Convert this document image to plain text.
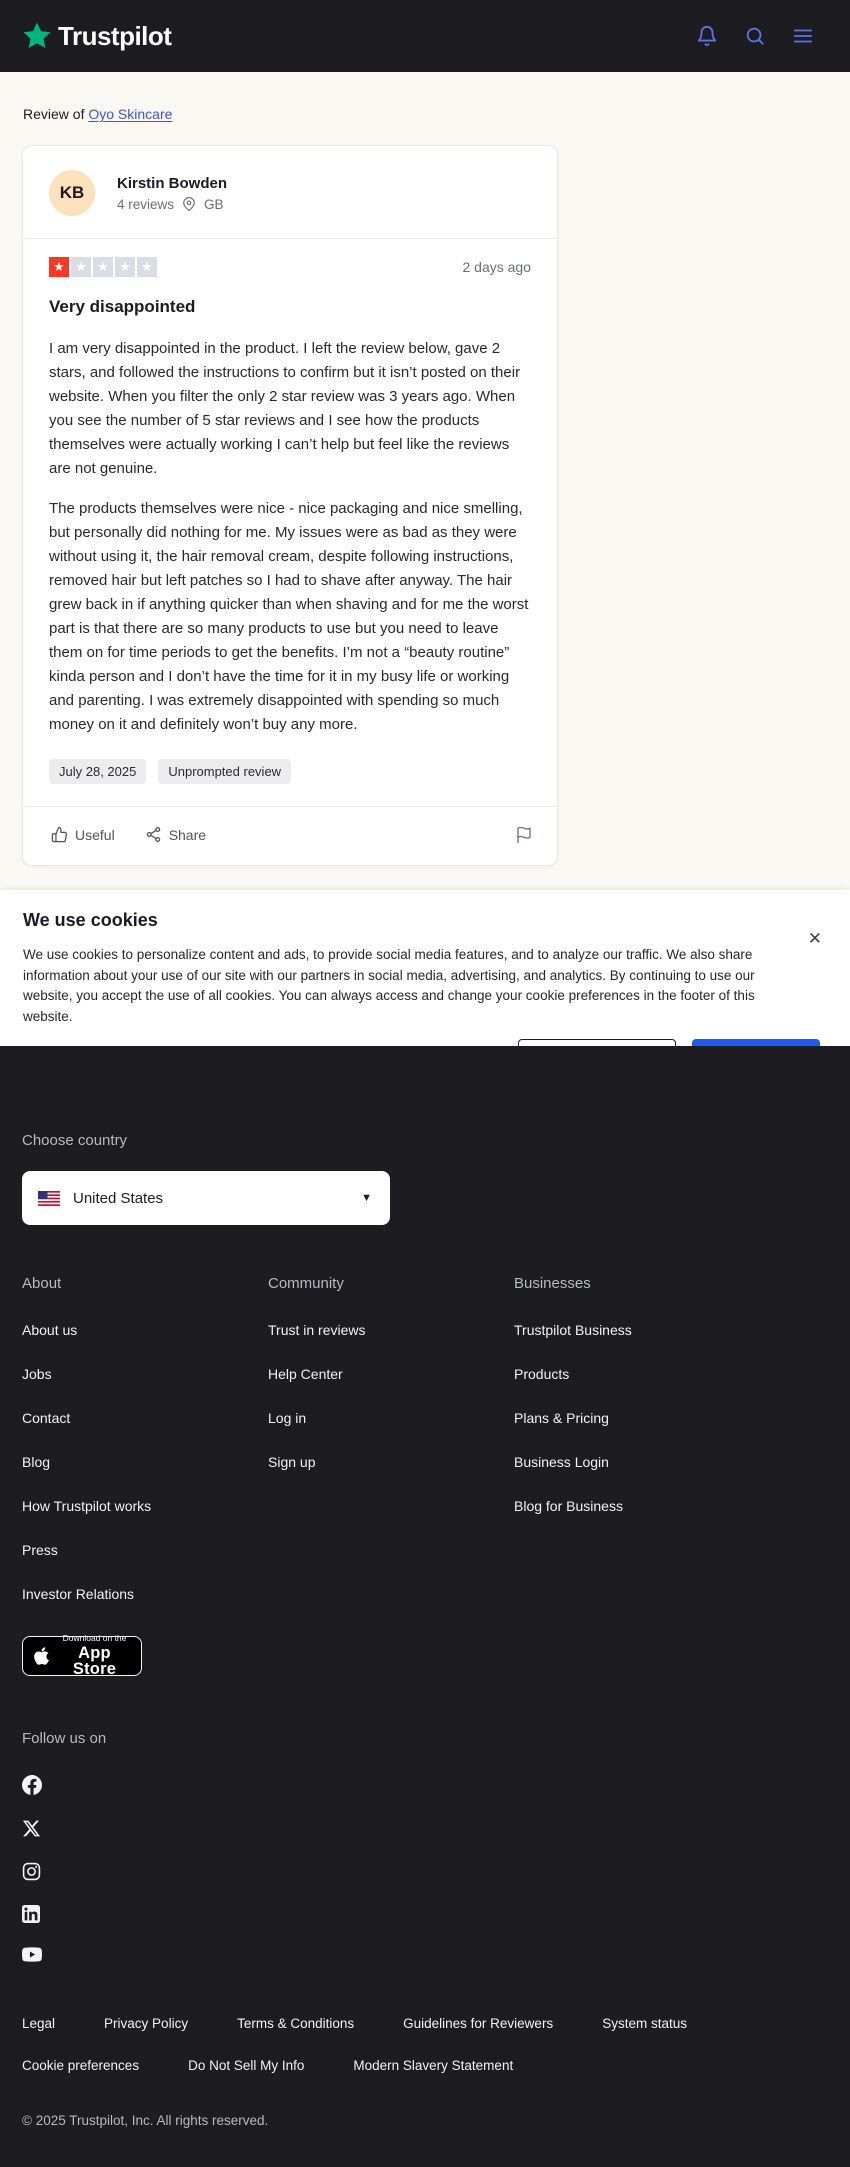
Trustpilot
Review of Oyo Skincare
KB	Kirstin Bowden
4 reviews GB
★ ★ ★ ★ ★	2 days ago
Very disappointed

I am very disappointed in the product. I left the review below, gave 2 stars, and followed the instructions to confirm but it isn’t posted on their website. When you filter the only 2 star review was 3 years ago. When you see the number of 5 star reviews and I see how the products themselves were actually working I can’t help but feel like the reviews are not genuine.

The products themselves were nice - nice packaging and nice smelling, but personally did nothing for me. My issues were as bad as they were without using it, the hair removal cream, despite following instructions, removed hair but left patches so I had to shave after anyway. The hair grew back in if anything quicker than when shaving and for me the worst part is that there are so many products to use but you need to leave them on for time periods to get the benefits. I’m not a “beauty routine” kinda person and I don’t have the time for it in my busy life or working and parenting. I was extremely disappointed with spending so much money on it and definitely won’t buy any more.

July 28, 2025	Unprompted review
Useful	Share
We use cookies
✕

We use cookies to personalize content and ads, to provide social media features, and to analyze our traffic. We also share information about your use of our site with our partners in social media, advertising, and analytics. By continuing to use our website, you accept the use of all cookies. You can always access and change your cookie preferences in the footer of this website.

Choose country
United States	▼
About
About us
Jobs
Contact
Blog
How Trustpilot works
Press
Investor Relations
Community
Trust in reviews
Help Center
Log in
Sign up
Businesses
Trustpilot Business
Products
Plans & Pricing
Business Login
Blog for Business
Download on the
App Store
Follow us on
Legal	Privacy Policy	Terms & Conditions	Guidelines for Reviewers	System status
Cookie preferences	Do Not Sell My Info	Modern Slavery Statement
© 2025 Trustpilot, Inc. All rights reserved.
